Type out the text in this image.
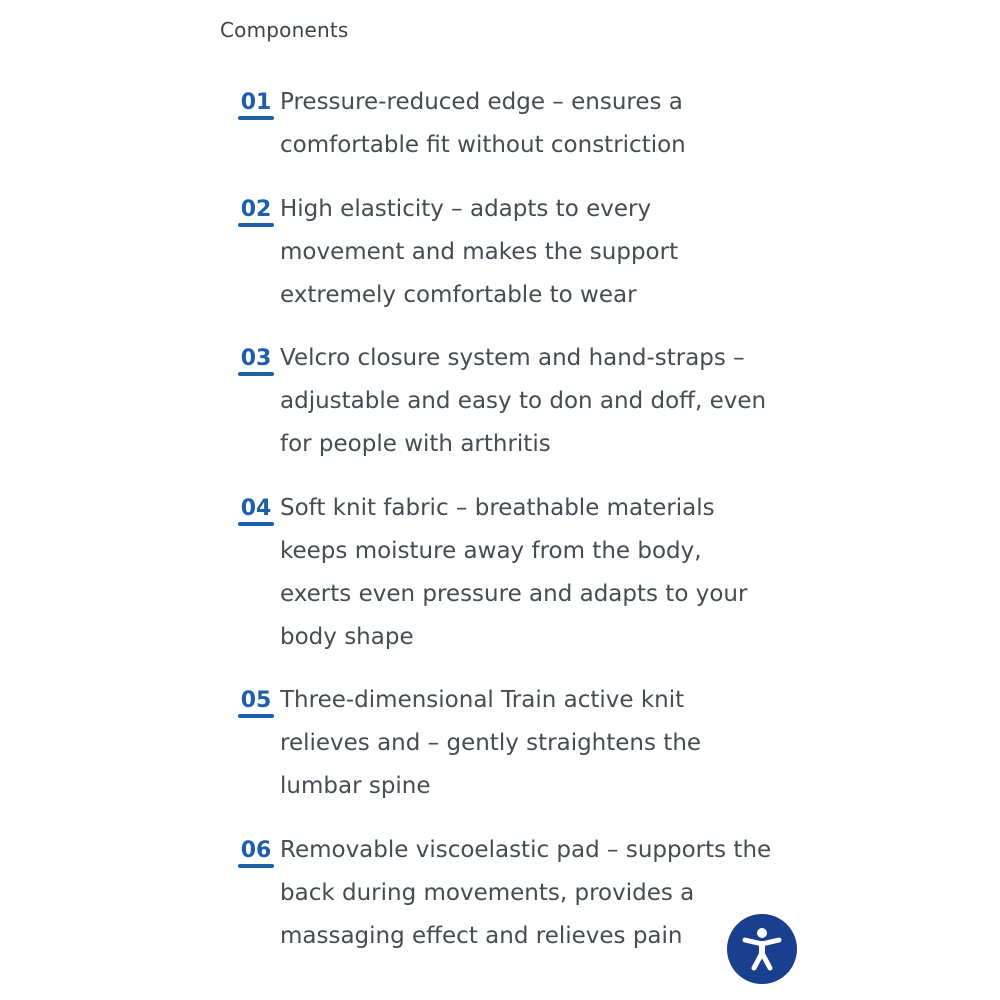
Components
01 Pressure-reduced edge – ensures a comfortable fit without constriction
02 High elasticity – adapts to every movement and makes the support extremely comfortable to wear
03 Velcro closure system and hand-straps – adjustable and easy to don and doff, even for people with arthritis
04 Soft knit fabric – breathable materials keeps moisture away from the body, exerts even pressure and adapts to your body shape
05 Three-dimensional Train active knit relieves and – gently straightens the lumbar spine
06 Removable viscoelastic pad – supports the back during movements, provides a massaging effect and relieves pain
